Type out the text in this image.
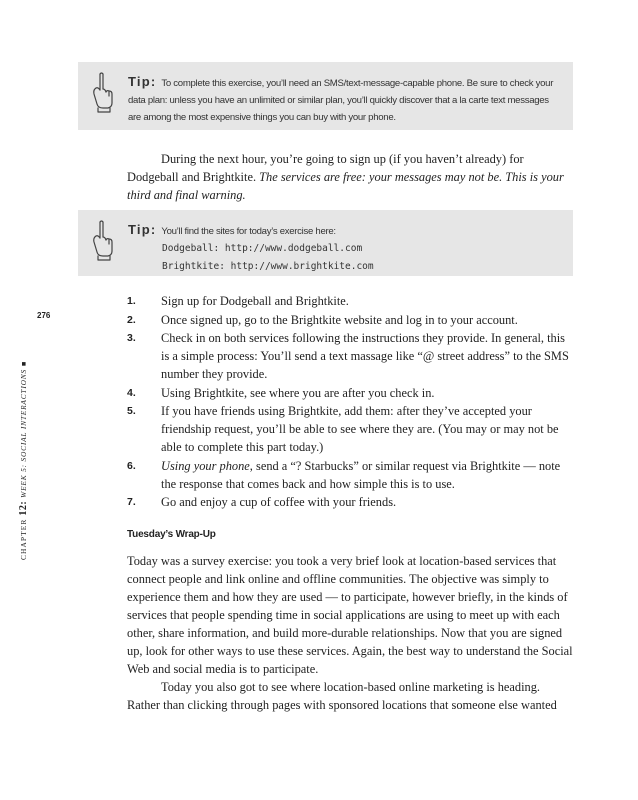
Tip: To complete this exercise, you’ll need an SMS/text-message-capable phone. Be sure to check your data plan: unless you have an unlimited or similar plan, you’ll quickly discover that a la carte text messages are among the most expensive things you can buy with your phone.

During the next hour, you’re going to sign up (if you haven’t already) for Dodgeball and Brightkite. The services are free: your messages may not be. This is your third and final warning.

Tip: You’ll find the sites for today’s exercise here:
Dodgeball: http://www.dodgeball.com
Brightkite: http://www.brightkite.com
276
CHAPTER 12: WEEK 5: SOCIAL INTERACTIONS ■
1. Sign up for Dodgeball and Brightkite.
2. Once signed up, go to the Brightkite website and log in to your account.
3. Check in on both services following the instructions they provide. In general, this is a simple process: You’ll send a text massage like “@ street address” to the SMS number they provide.
4. Using Brightkite, see where you are after you check in.
5. If you have friends using Brightkite, add them: after they’ve accepted your friendship request, you’ll be able to see where they are. (You may or may not be able to complete this part today.)
6. Using your phone, send a “? Starbucks” or similar request via Brightkite — note the response that comes back and how simple this is to use.
7. Go and enjoy a cup of coffee with your friends.
Tuesday’s Wrap-Up

Today was a survey exercise: you took a very brief look at location-based services that connect people and link online and offline communities. The objective was simply to experience them and how they are used — to participate, however briefly, in the kinds of services that people spending time in social applications are using to meet up with each other, share information, and build more-durable relationships. Now that you are signed up, look for other ways to use these services. Again, the best way to understand the Social Web and social media is to participate.

Today you also got to see where location-based online marketing is heading. Rather than clicking through pages with sponsored locations that someone else wanted
